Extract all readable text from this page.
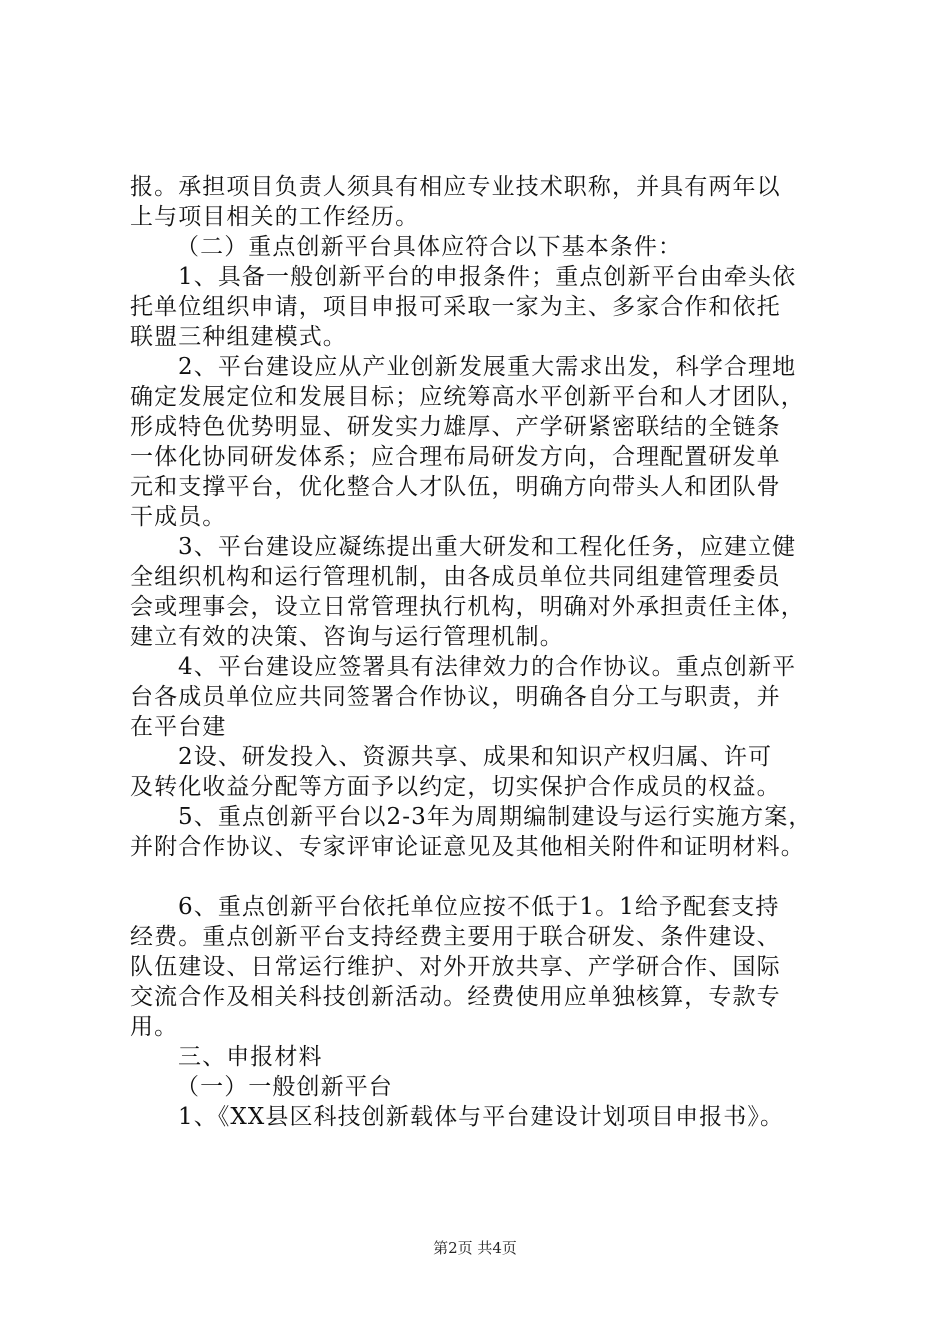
报。承担项目负责人须具有相应专业技术职称，并具有两年以
上与项目相关的工作经历。
（二）重点创新平台具体应符合以下基本条件：
1、具备一般创新平台的申报条件；重点创新平台由牵头依
托单位组织申请，项目申报可采取一家为主、多家合作和依托
联盟三种组建模式。
2、平台建设应从产业创新发展重大需求出发，科学合理地
确定发展定位和发展目标；应统筹高水平创新平台和人才团队，
形成特色优势明显、研发实力雄厚、产学研紧密联结的全链条
一体化协同研发体系；应合理布局研发方向，合理配置研发单
元和支撑平台，优化整合人才队伍，明确方向带头人和团队骨
干成员。
3、平台建设应凝练提出重大研发和工程化任务，应建立健
全组织机构和运行管理机制，由各成员单位共同组建管理委员
会或理事会，设立日常管理执行机构，明确对外承担责任主体，
建立有效的决策、咨询与运行管理机制。
4、平台建设应签署具有法律效力的合作协议。重点创新平
台各成员单位应共同签署合作协议，明确各自分工与职责，并
在平台建
2设、研发投入、资源共享、成果和知识产权归属、许可
及转化收益分配等方面予以约定，切实保护合作成员的权益。
5、重点创新平台以2-3年为周期编制建设与运行实施方案，
并附合作协议、专家评审论证意见及其他相关附件和证明材料。
6、重点创新平台依托单位应按不低于1。1给予配套支持
经费。重点创新平台支持经费主要用于联合研发、条件建设、
队伍建设、日常运行维护、对外开放共享、产学研合作、国际
交流合作及相关科技创新活动。经费使用应单独核算，专款专
用。
三、申报材料
（一）一般创新平台
1、《XX县区科技创新载体与平台建设计划项目申报书》。
第2页 共4页
